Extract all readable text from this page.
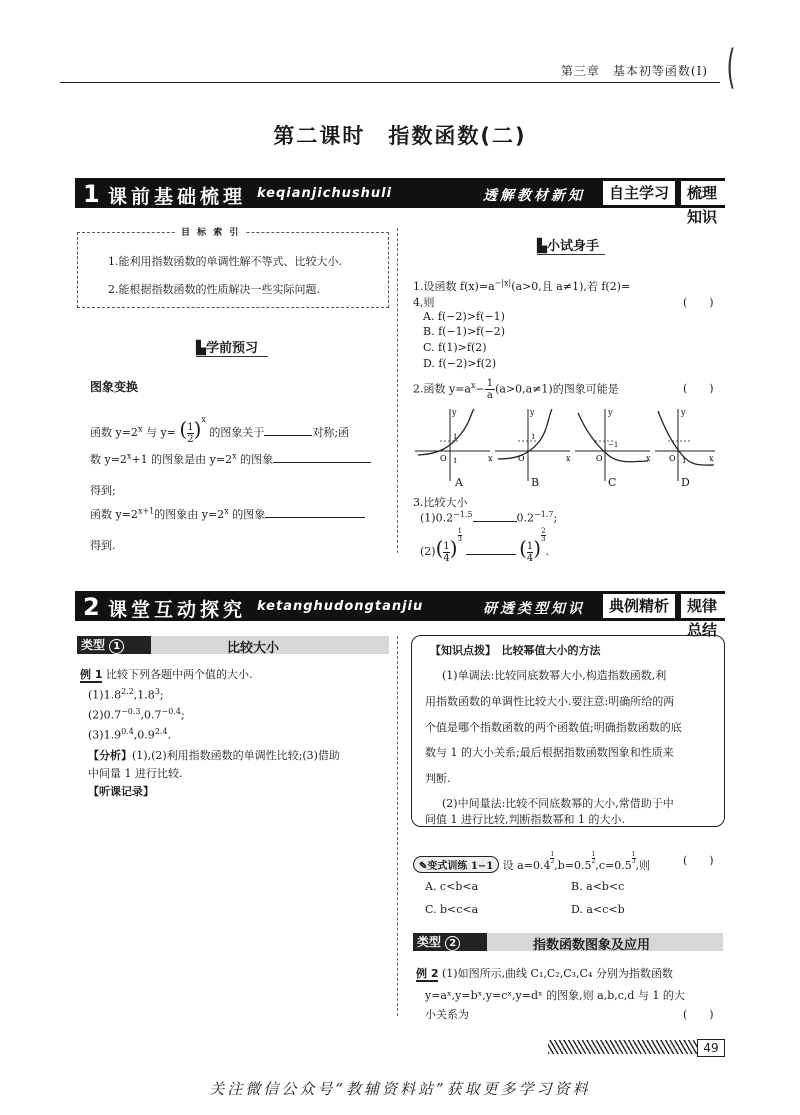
第三章　基本初等函数(Ⅰ) (
第二课时　指数函数(二)
1 课前基础梳理 keqianjichushuli	透解教材新知	自主学习	梳理知识
目 标 索 引
1.能利用指数函数的单调性解不等式、比较大小.
2.能根据指数函数的性质解决一些实际问题.
▙学前预习
图象变换
函数 $y=2^x$ 与 y= ( $\frac{1}{2} )^x$ 的图象关于	对称;函
数 $y=2^x+1$ 的图象是由 $y=2^x$ 的图象
得到;
函数 $y=2^{x+1}$的图象由 $y=2^x$ 的图象
得到.
▙小试身手
1.设函数 $f(x)=a^{-|x|}(a>0$,且 a≠1),若 f(2)=
4,则	(　　)
A. f(−2)>f(−1)
B. f(−1)>f(−2)
C. f(1)>f(2)
D. f(−2)>f(2)
2.函数 $y=a^x- \frac{1}{a} (a>0,a\ne 1)$的图象可能是	(　　)
y
x
O
1
1
y
x
O
1
y
x
O
−1
y
x
O 1
A	B	C	D
3.比较大小
$(1)0.2^{-1.5}$	$0.2^{-1.7}$;
$(2)( \frac{1}{4}$ )
$\frac{1}{3}$
( $\frac{1}{4}$ )
$\frac{2}{3}$
.
2 课堂互动探究 ketanghudongtanjiu	研透类型知识	典例精析	规律总结
类型 1	比较大小
例 1 比较下列各题中两个值的大小.
$(1)1.8^{2.2},1.8^3$;
$(2)0.7^{-0.3},0.7^{-0.4}$;
$(3)1.9^{0.4},0.9^{2.4}$.
【分析】(1),(2)利用指数函数的单调性比较;(3)借助
中间量 1 进行比较.
【听课记录】
【知识点拨】　 比较幂值大小的方法
(1)单调法:比较同底数幂大小,构造指数函数,利
用指数函数的单调性比较大小.要注意:明确所给的两
个值是哪个指数函数的两个函数值;明确指数函数的底
数与 1 的大小关系;最后根据指数函数图象和性质来
判断.
(2)中间量法:比较不同底数幂的大小,常借助于中
间值 1 进行比较,判断指数幂和 1 的大小.
✎变式训练 1−1 设 a=0.4
$\frac{1}{2}$
,b=0.5
$\frac{1}{2}$
,c=0.5
$\frac{1}{3}$
,则	(　　)
A. c<b<a	B. a<b<c
C. b<c<a	D. a<c<b
类型 2	指数函数图象及应用
例 2 (1)如图所示,曲线 C₁,C₂,C₃,C₄ 分别为指数函数
y=aˣ,y=bˣ,y=cˣ,y=dˣ 的图象,则 a,b,c,d 与 1 的大
小关系为	(　　)
49
关注微信公众号“教辅资料站”获取更多学习资料
